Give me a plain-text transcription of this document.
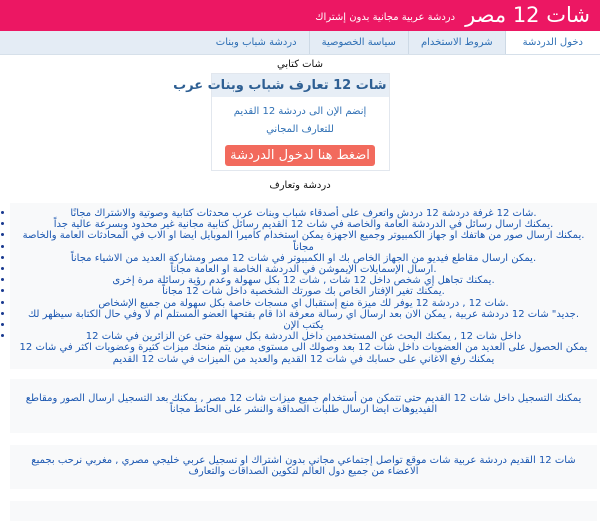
شات 12 مصر
دردشة عربية مجانية بدون إشتراك
دخول الدردشة
شروط الاستخدام
سياسة الخصوصية
دردشة شباب وبنات
شات كتابي
شات 12 تعارف شباب وبنات عرب
إنضم الإن الى دردشة 12 القديم للتعارف المجاني
اضغط هنا لدخول الدردشة
دردشة وتعارف
.شات 12 غرفة دردشة 12 دردش واتعرف على أصدقاء شباب وبنات عرب محدثات كتابية وصوتية والاشتراك مجانًا
.يمكنك ارسال رسائل في الدردشة العامة والخاصة في شات 12 القديم رسائل كتابية مجانية غير محدود وبسرعة عالية جداً
.يمكنك ارسال صور من هاتفك او جهاز الكمبيوتر وجميع الاجهزة يمكن استخدام كاميرا الموبايل ايضا او الاب في المحادثات العامة والخاصة مجاناً
.يمكن ارسال مقاطع فيديو من الجهاز الخاص بك او الكمبيوتر في شات 12 مصر ومشاركة العديد من الاشياء مجاناً
.ارسال الإسمايلات الإيموشن في الدردشة الخاصة او العامة مجاناً
.يمكنك تجاهل إي شخص داخل 12 شات , شات 12 بكل سهولة وعدم رؤية رسائلة مرة إخرى
.يمكنك تغير الإفتار الخاص بك صورتك الشخصية داخل شات 12 مجاناً
.شات 12 , دردشة 12 يوفر لك ميزة منع إستقبال اي مسجات خاصة بكل سهولة من جميع الإشخاص
.جديد" شات 12 دردشة عربية , يمكن الان بعد ارسال اي رسالة معرفة اذا قام بفتحها العضو المستلم ام لا وفي حال الكتابة سيظهر لك يكتب الإن
داخل شات 12 , يمكنك البحث عن المستخدمين داخل الدردشة بكل سهولة حتى عن الزائرين في شات 12
يمكن الحصول على العديد من العضويات داخل شات 12 بعد وصولك الى مستوى معين يتم منحك ميزات كثيرة وعضويات اكثر في شات 12
يمكنك رفع الاغاني على حسابك في شات 12 القديم والعديد من الميزات في شات 12 القديم

يمكنك التسجيل داخل شات 12 القديم حتى تتمكن من أستخدام جميع ميزات شات 12 مصر , يمكنك بعد التسجيل ارسال الصور ومقاطع الفيديوهات ايضا ارسال طلبات الصداقة والنشر على الحائط مجاناً

شات 12 القديم دردشة عربية شات موقع تواصل إجتماعي مجاني بدون اشتراك او تسجيل عربي خليجي مصري , مغربي نرحب بجميع الاعضاء من جميع دول العالم لتكوين الصداقات والتعارف
